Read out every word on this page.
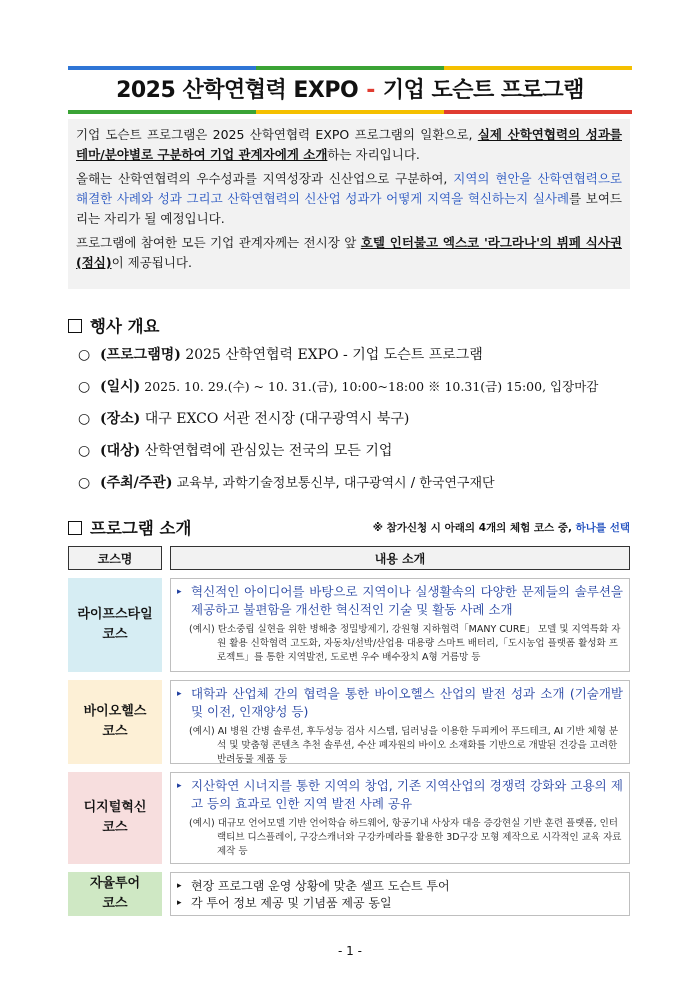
2025 산학연협력 EXPO - 기업 도슨트 프로그램

기업 도슨트 프로그램은 2025 산학연협력 EXPO 프로그램의 일환으로, 실제 산학연협력의 성과를 테마/분야별로 구분하여 기업 관계자에게 소개하는 자리입니다.

올해는 산학연협력의 우수성과를 지역성장과 신산업으로 구분하여, 지역의 현안을 산학연협력으로 해결한 사례와 성과 그리고 산학연협력의 신산업 성과가 어떻게 지역을 혁신하는지 실사례를 보여드리는 자리가 될 예정입니다.

프로그램에 참여한 모든 기업 관계자께는 전시장 앞 호텔 인터불고 엑스코 '라그라나'의 뷔페 식사권(점심)이 제공됩니다.

행사 개요
○ (프로그램명) 2025 산학연협력 EXPO - 기업 도슨트 프로그램
○ (일시) 2025. 10. 29.(수) ~ 10. 31.(금), 10:00~18:00 ※ 10.31(금) 15:00, 입장마감
○ (장소) 대구 EXCO 서관 전시장 (대구광역시 북구)
○ (대상) 산학연협력에 관심있는 전국의 모든 기업
○ (주최/주관) 교육부, 과학기술정보통신부, 대구광역시 / 한국연구재단
프로그램 소개	※ 참가신청 시 아래의 4개의 체험 코스 중, 하나를 선택
코스명	내용 소개
라이프스타일
코스
▸ 혁신적인 아이디어를 바탕으로 지역이나 실생활속의 다양한 문제들의 솔루션을 제공하고 불편함을 개선한 혁신적인 기술 및 활동 사례 소개
(예시) 탄소중립 실현을 위한 병해충 정밀방제기, 강원형 지하협력「MANY CURE」 모델 및 지역특화 자원 활용 신학협력 고도화, 자동차/선박/산업용 대용량 스마트 배터리,「도시농업 플랫폼 활성화 프로젝트」를 통한 지역발전, 도로변 우수 배수장치 A형 거름망 등
바이오헬스
코스
▸ 대학과 산업체 간의 협력을 통한 바이오헬스 산업의 발전 성과 소개 (기술개발 및 이전, 인재양성 등)
(예시) AI 병원 간병 솔루션, 후두성능 검사 시스템, 딥러닝을 이용한 두피케어 푸드테크, AI 기반 체형 분석 및 맞춤형 콘텐츠 추천 솔루션, 수산 폐자원의 바이오 소재화를 기반으로 개발된 건강을 고려한 반려동물 제품 등
디지털혁신
코스
▸ 지산학연 시너지를 통한 지역의 창업, 기존 지역산업의 경쟁력 강화와 고용의 제고 등의 효과로 인한 지역 발전 사례 공유
(예시) 대규모 언어모델 기반 언어학습 하드웨어, 항공기내 사상자 대응 증강현실 기반 훈련 플랫폼, 인터랙티브 디스플레이, 구강스캐너와 구강카메라를 활용한 3D구강 모형 제작으로 시각적인 교육 자료 제작 등
자율투어
코스
▸ 현장 프로그램 운영 상황에 맞춘 셀프 도슨트 투어
▸ 각 투어 정보 제공 및 기념품 제공 동일
- 1 -
